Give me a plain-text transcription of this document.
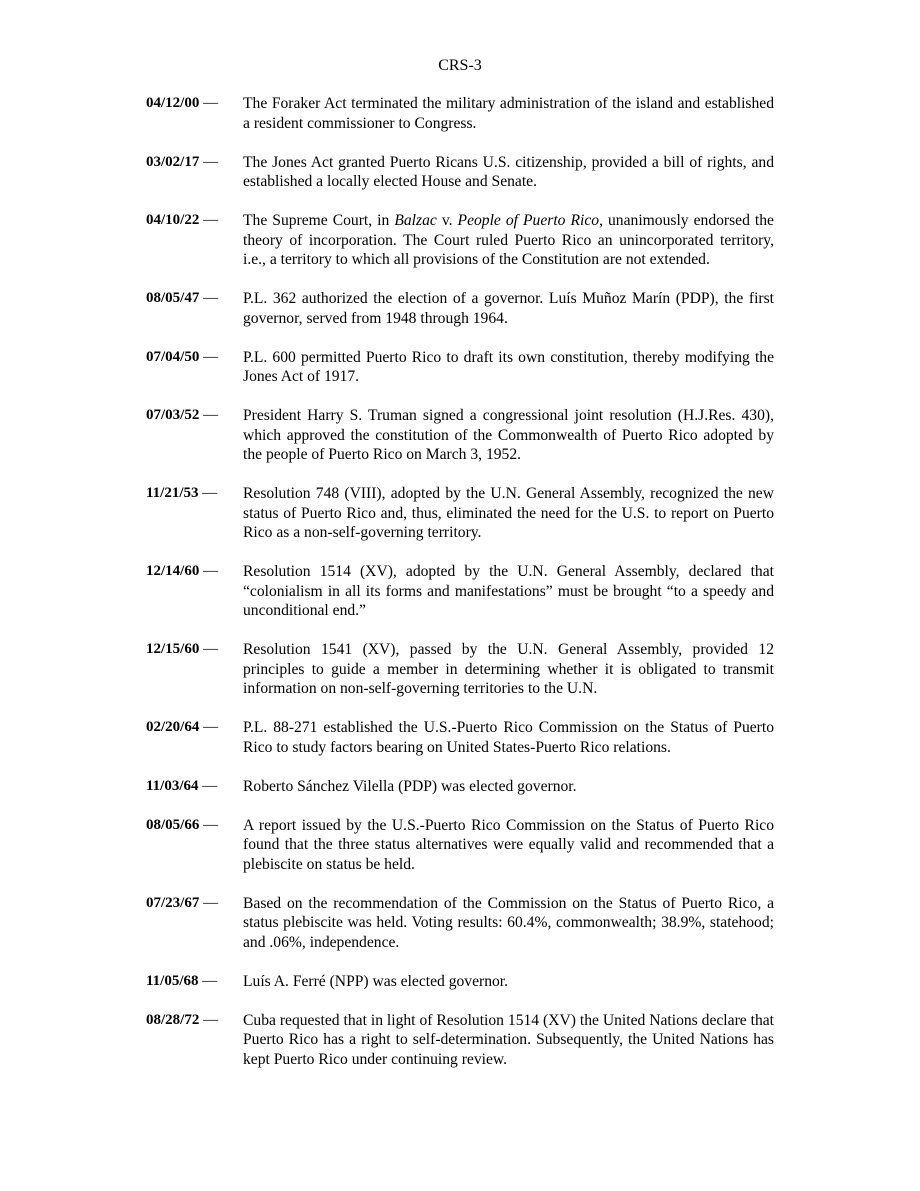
CRS-3
04/12/00 —	The Foraker Act terminated the military administration of the island and established a resident commissioner to Congress.
03/02/17 —	The Jones Act granted Puerto Ricans U.S. citizenship, provided a bill of rights, and established a locally elected House and Senate.
04/10/22 —	The Supreme Court, in Balzac v. People of Puerto Rico, unanimously endorsed the theory of incorporation. The Court ruled Puerto Rico an unincorporated territory, i.e., a territory to which all provisions of the Constitution are not extended.
08/05/47 —	P.L. 362 authorized the election of a governor. Luís Muñoz Marín (PDP), the first governor, served from 1948 through 1964.
07/04/50 —	P.L. 600 permitted Puerto Rico to draft its own constitution, thereby modifying the Jones Act of 1917.
07/03/52 —	President Harry S. Truman signed a congressional joint resolution (H.J.Res. 430), which approved the constitution of the Commonwealth of Puerto Rico adopted by the people of Puerto Rico on March 3, 1952.
11/21/53 —	Resolution 748 (VIII), adopted by the U.N. General Assembly, recognized the new status of Puerto Rico and, thus, eliminated the need for the U.S. to report on Puerto Rico as a non-self-governing territory.
12/14/60 —	Resolution 1514 (XV), adopted by the U.N. General Assembly, declared that “colonialism in all its forms and manifestations” must be brought “to a speedy and unconditional end.”
12/15/60 —	Resolution 1541 (XV), passed by the U.N. General Assembly, provided 12 principles to guide a member in determining whether it is obligated to transmit information on non-self-governing territories to the U.N.
02/20/64 —	P.L. 88-271 established the U.S.-Puerto Rico Commission on the Status of Puerto Rico to study factors bearing on United States-Puerto Rico relations.
11/03/64 —	Roberto Sánchez Vilella (PDP) was elected governor.
08/05/66 —	A report issued by the U.S.-Puerto Rico Commission on the Status of Puerto Rico found that the three status alternatives were equally valid and recommended that a plebiscite on status be held.
07/23/67 —	Based on the recommendation of the Commission on the Status of Puerto Rico, a status plebiscite was held. Voting results: 60.4%, commonwealth; 38.9%, statehood; and .06%, independence.
11/05/68 —	Luís A. Ferré (NPP) was elected governor.
08/28/72 —	Cuba requested that in light of Resolution 1514 (XV) the United Nations declare that Puerto Rico has a right to self-determination. Subsequently, the United Nations has kept Puerto Rico under continuing review.
